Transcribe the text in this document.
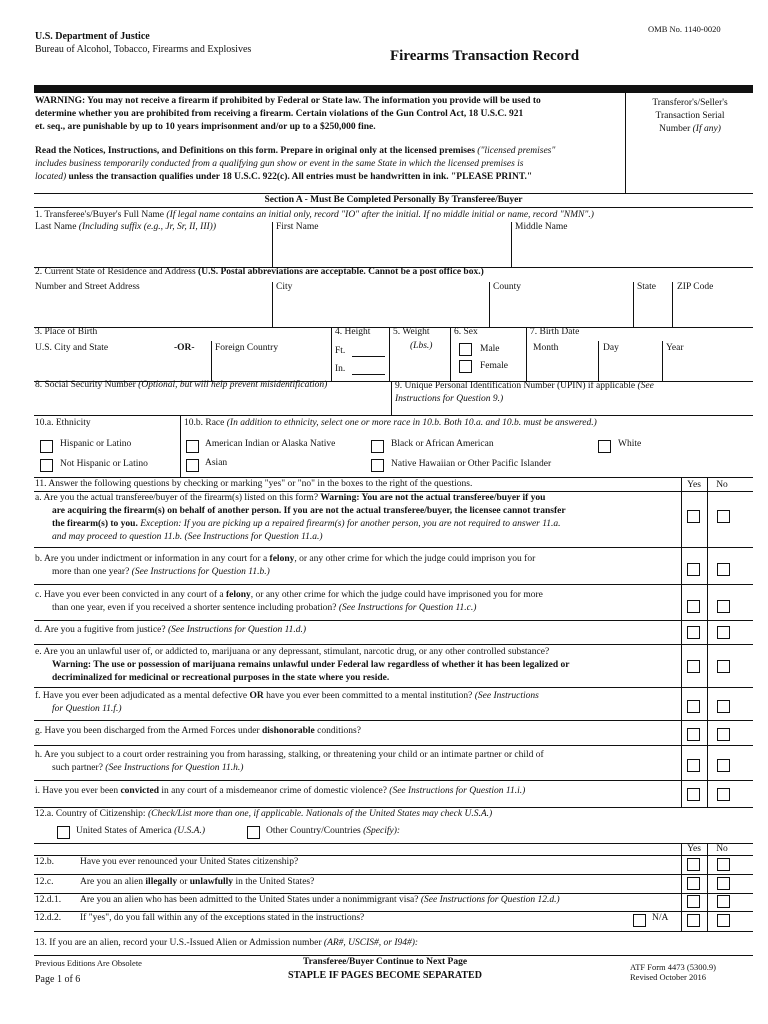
OMB No. 1140-0020
U.S. Department of Justice
Bureau of Alcohol, Tobacco, Firearms and Explosives	Firearms Transaction Record
WARNING: You may not receive a firearm if prohibited by Federal or State law. The information you provide will be used to
determine whether you are prohibited from receiving a firearm. Certain violations of the Gun Control Act, 18 U.S.C. 921
et. seq., are punishable by up to 10 years imprisonment and/or up to a $250,000 fine.
Read the Notices, Instructions, and Definitions on this form. Prepare in original only at the licensed premises ("licensed premises"
includes business temporarily conducted from a qualifying gun show or event in the same State in which the licensed premises is
located) unless the transaction qualifies under 18 U.S.C. 922(c). All entries must be handwritten in ink. "PLEASE PRINT."
Transferor's/Seller's
Transaction Serial
Number (If any)
Section A - Must Be Completed Personally By Transferee/Buyer
1. Transferee's/Buyer's Full Name (If legal name contains an initial only, record "IO" after the initial. If no middle initial or name, record "NMN".)
Last Name (Including suffix (e.g., Jr, Sr, II, III))	First Name	Middle Name
2. Current State of Residence and Address (U.S. Postal abbreviations are acceptable. Cannot be a post office box.)
Number and Street Address	City	County	State ZIP Code
3. Place of Birth
U.S. City and State	-OR- Foreign Country
4. Height
Ft.
In.
5. Weight
(Lbs.)
6. Sex
Male
Female
7. Birth Date
Month	Day	Year
8. Social Security Number (Optional, but will help prevent misidentification)	9. Unique Personal Identification Number (UPIN) if applicable (See
Instructions for Question 9.)
10.a. Ethnicity
Hispanic or Latino
Not Hispanic or Latino
10.b. Race (In addition to ethnicity, select one or more race in 10.b. Both 10.a. and 10.b. must be answered.)
American Indian or Alaska Native	Black or African American	White
Asian	Native Hawaiian or Other Pacific Islander
11. Answer the following questions by checking or marking "yes" or "no" in the boxes to the right of the questions.	Yes	No
a. Are you the actual transferee/buyer of the firearm(s) listed on this form? Warning: You are not the actual transferee/buyer if you
are acquiring the firearm(s) on behalf of another person. If you are not the actual transferee/buyer, the licensee cannot transfer
the firearm(s) to you. Exception: If you are picking up a repaired firearm(s) for another person, you are not required to answer 11.a.
and may proceed to question 11.b. (See Instructions for Question 11.a.)
b. Are you under indictment or information in any court for a felony, or any other crime for which the judge could imprison you for
more than one year? (See Instructions for Question 11.b.)
c. Have you ever been convicted in any court of a felony, or any other crime for which the judge could have imprisoned you for more
than one year, even if you received a shorter sentence including probation? (See Instructions for Question 11.c.)
d. Are you a fugitive from justice? (See Instructions for Question 11.d.)
e. Are you an unlawful user of, or addicted to, marijuana or any depressant, stimulant, narcotic drug, or any other controlled substance?
Warning: The use or possession of marijuana remains unlawful under Federal law regardless of whether it has been legalized or
decriminalized for medicinal or recreational purposes in the state where you reside.
f. Have you ever been adjudicated as a mental defective OR have you ever been committed to a mental institution? (See Instructions
for Question 11.f.)
g. Have you been discharged from the Armed Forces under dishonorable conditions?
h. Are you subject to a court order restraining you from harassing, stalking, or threatening your child or an intimate partner or child of
such partner? (See Instructions for Question 11.h.)
i. Have you ever been convicted in any court of a misdemeanor crime of domestic violence? (See Instructions for Question 11.i.)
12.a. Country of Citizenship: (Check/List more than one, if applicable. Nationals of the United States may check U.S.A.)
United States of America (U.S.A.)	Other Country/Countries (Specify):
Yes	No
12.b.	Have you ever renounced your United States citizenship?
12.c.	Are you an alien illegally or unlawfully in the United States?
12.d.1. Are you an alien who has been admitted to the United States under a nonimmigrant visa? (See Instructions for Question 12.d.)
12.d.2. If "yes", do you fall within any of the exceptions stated in the instructions?	N/A
13. If you are an alien, record your U.S.-Issued Alien or Admission number (AR#, USCIS#, or I94#):
Previous Editions Are Obsolete
Page 1 of 6
Transferee/Buyer Continue to Next Page
STAPLE IF PAGES BECOME SEPARATED
ATF Form 4473 (5300.9)
Revised October 2016
